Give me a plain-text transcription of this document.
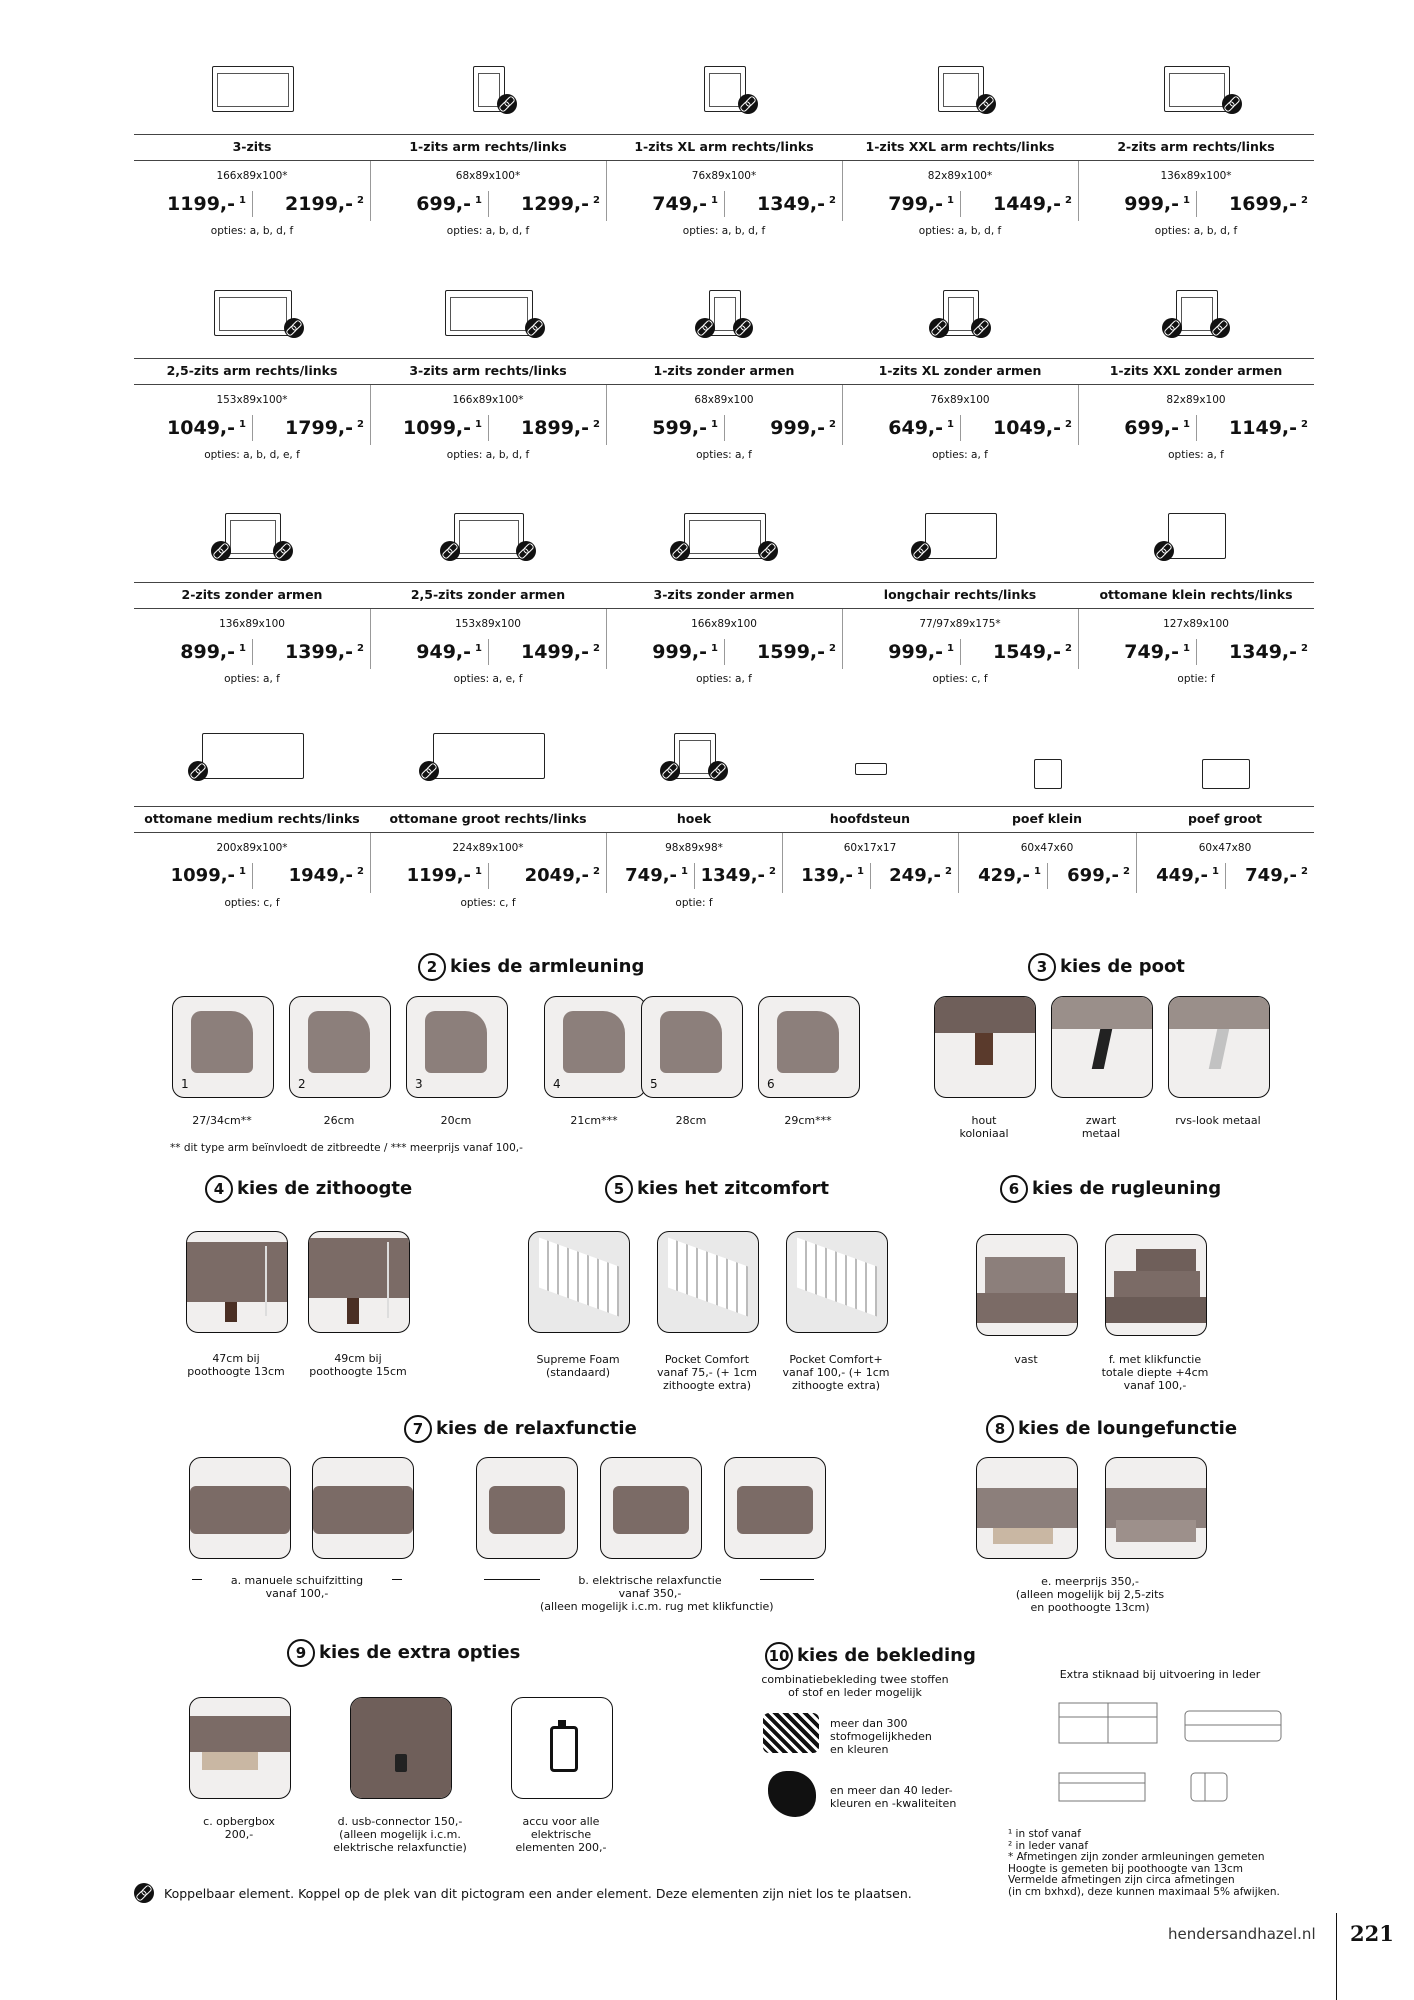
3-zits
166x89x100*
1199,- $^1$	2199,- $^2$
opties: a, b, d, f
1-zits arm rechts/links
68x89x100*
699,- $^1$	1299,- $^2$
opties: a, b, d, f
1-zits XL arm rechts/links
76x89x100*
749,- $^1$	1349,- $^2$
opties: a, b, d, f
1-zits XXL arm rechts/links
82x89x100*
799,- $^1$	1449,- $^2$
opties: a, b, d, f
2-zits arm rechts/links
136x89x100*
999,- $^1$	1699,- $^2$
opties: a, b, d, f
2,5-zits arm rechts/links
153x89x100*
1049,- $^1$	1799,- $^2$
opties: a, b, d, e, f
3-zits arm rechts/links
166x89x100*
1099,- $^1$	1899,- $^2$
opties: a, b, d, f
1-zits zonder armen
68x89x100
599,- $^1$	999,- $^2$
opties: a, f
1-zits XL zonder armen
76x89x100
649,- $^1$	1049,- $^2$
opties: a, f
1-zits XXL zonder armen
82x89x100
699,- $^1$	1149,- $^2$
opties: a, f
2-zits zonder armen
136x89x100
899,- $^1$	1399,- $^2$
opties: a, f
2,5-zits zonder armen
153x89x100
949,- $^1$	1499,- $^2$
opties: a, e, f
3-zits zonder armen
166x89x100
999,- $^1$	1599,- $^2$
opties: a, f
longchair rechts/links
77/97x89x175*
999,- $^1$	1549,- $^2$
opties: c, f
ottomane klein rechts/links
127x89x100
749,- $^1$	1349,- $^2$
optie: f
ottomane medium rechts/links
200x89x100*
1099,- $^1$	1949,- $^2$
opties: c, f
ottomane groot rechts/links
224x89x100*
1199,- $^1$	2049,- $^2$
opties: c, f
hoek
98x89x98*
749,- $^1$ 1349,- $^2$
optie: f
hoofdsteun
60x17x17
139,- $^1$	249,- $^2$
poef klein
60x47x60
429,- $^1$	699,- $^2$
poef groot
60x47x80
449,- $^1$	749,- $^2$
2 kies de armleuning
1
27/34cm**
2
26cm
3
20cm
4
21cm***
5
28cm
6
29cm***
** dit type arm beïnvloedt de zitbreedte / *** meerprijs vanaf 100,-
3 kies de poot
hout
koloniaal
zwart
metaal
rvs-look metaal
4 kies de zithoogte
47cm bij
poothoogte 13cm
49cm bij
poothoogte 15cm
5 kies het zitcomfort
Supreme Foam
(standaard)
Pocket Comfort
vanaf 75,- (+ 1cm
zithoogte extra)
Pocket Comfort+
vanaf 100,- (+ 1cm
zithoogte extra)
6 kies de rugleuning
vast	f. met klikfunctie
totale diepte +4cm
vanaf 100,-
7 kies de relaxfunctie
a. manuele schuifzitting
vanaf 100,-
b. elektrische relaxfunctie
vanaf 350,-
(alleen mogelijk i.c.m. rug met klikfunctie)
8 kies de loungefunctie
e. meerprijs 350,-
(alleen mogelijk bij 2,5-zits
en poothoogte 13cm)
9 kies de extra opties
c. opbergbox
200,-
d. usb-connector 150,-
(alleen mogelijk i.c.m.
elektrische relaxfunctie)
accu voor alle
elektrische
elementen 200,-
10 kies de bekleding
combinatiebekleding twee stoffen
of stof en leder mogelijk
meer dan 300
stofmogelijkheden
en kleuren
en meer dan 40 leder-
kleuren en -kwaliteiten
Extra stiknaad bij uitvoering in leder
¹ in stof vanaf
² in leder vanaf
* Afmetingen zijn zonder armleuningen gemeten
Hoogte is gemeten bij poothoogte van 13cm
Vermelde afmetingen zijn circa afmetingen
(in cm bxhxd), deze kunnen maximaal 5% afwijken.
Koppelbaar element. Koppel op de plek van dit pictogram een ander element. Deze elementen zijn niet los te plaatsen.
hendersandhazel.nl 221
